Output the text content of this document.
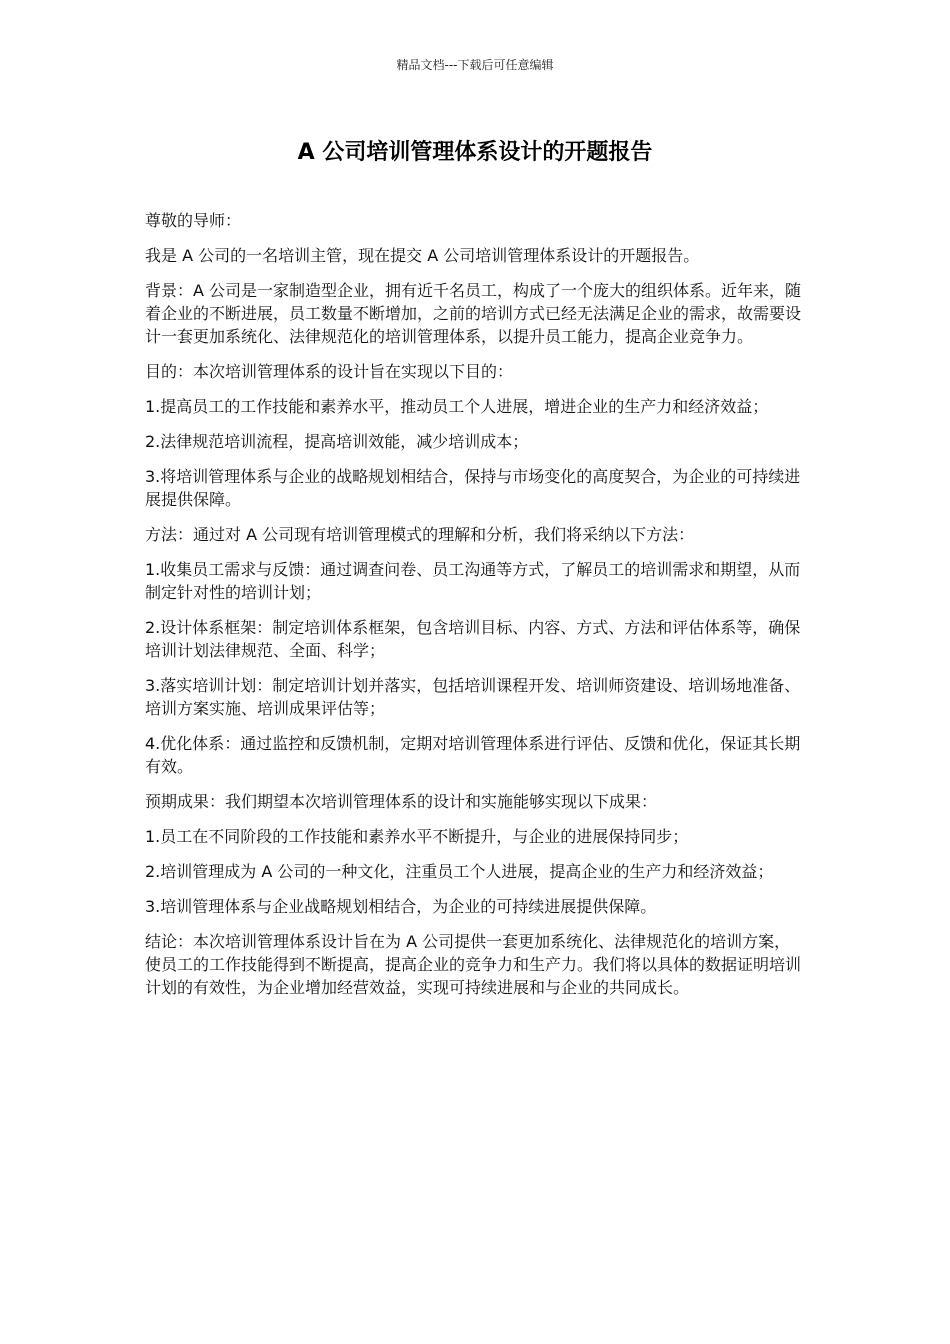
精品文档---下载后可任意编辑
A 公司培训管理体系设计的开题报告

尊敬的导师：

我是 A 公司的一名培训主管，现在提交 A 公司培训管理体系设计的开题报告。

背景：A 公司是一家制造型企业，拥有近千名员工，构成了一个庞大的组织体系。近年来，随着企业的不断进展，员工数量不断增加，之前的培训方式已经无法满足企业的需求，故需要设计一套更加系统化、法律规范化的培训管理体系，以提升员工能力，提高企业竞争力。

目的：本次培训管理体系的设计旨在实现以下目的：

1.提高员工的工作技能和素养水平，推动员工个人进展，增进企业的生产力和经济效益；

2.法律规范培训流程，提高培训效能，减少培训成本；

3.将培训管理体系与企业的战略规划相结合，保持与市场变化的高度契合，为企业的可持续进展提供保障。

方法：通过对 A 公司现有培训管理模式的理解和分析，我们将采纳以下方法：

1.收集员工需求与反馈：通过调查问卷、员工沟通等方式，了解员工的培训需求和期望，从而制定针对性的培训计划；

2.设计体系框架：制定培训体系框架，包含培训目标、内容、方式、方法和评估体系等，确保培训计划法律规范、全面、科学；

3.落实培训计划：制定培训计划并落实，包括培训课程开发、培训师资建设、培训场地准备、培训方案实施、培训成果评估等；

4.优化体系：通过监控和反馈机制，定期对培训管理体系进行评估、反馈和优化，保证其长期有效。

预期成果：我们期望本次培训管理体系的设计和实施能够实现以下成果：

1.员工在不同阶段的工作技能和素养水平不断提升，与企业的进展保持同步；

2.培训管理成为 A 公司的一种文化，注重员工个人进展，提高企业的生产力和经济效益；

3.培训管理体系与企业战略规划相结合，为企业的可持续进展提供保障。

结论：本次培训管理体系设计旨在为 A 公司提供一套更加系统化、法律规范化的培训方案，使员工的工作技能得到不断提高，提高企业的竞争力和生产力。我们将以具体的数据证明培训计划的有效性，为企业增加经营效益，实现可持续进展和与企业的共同成长。
